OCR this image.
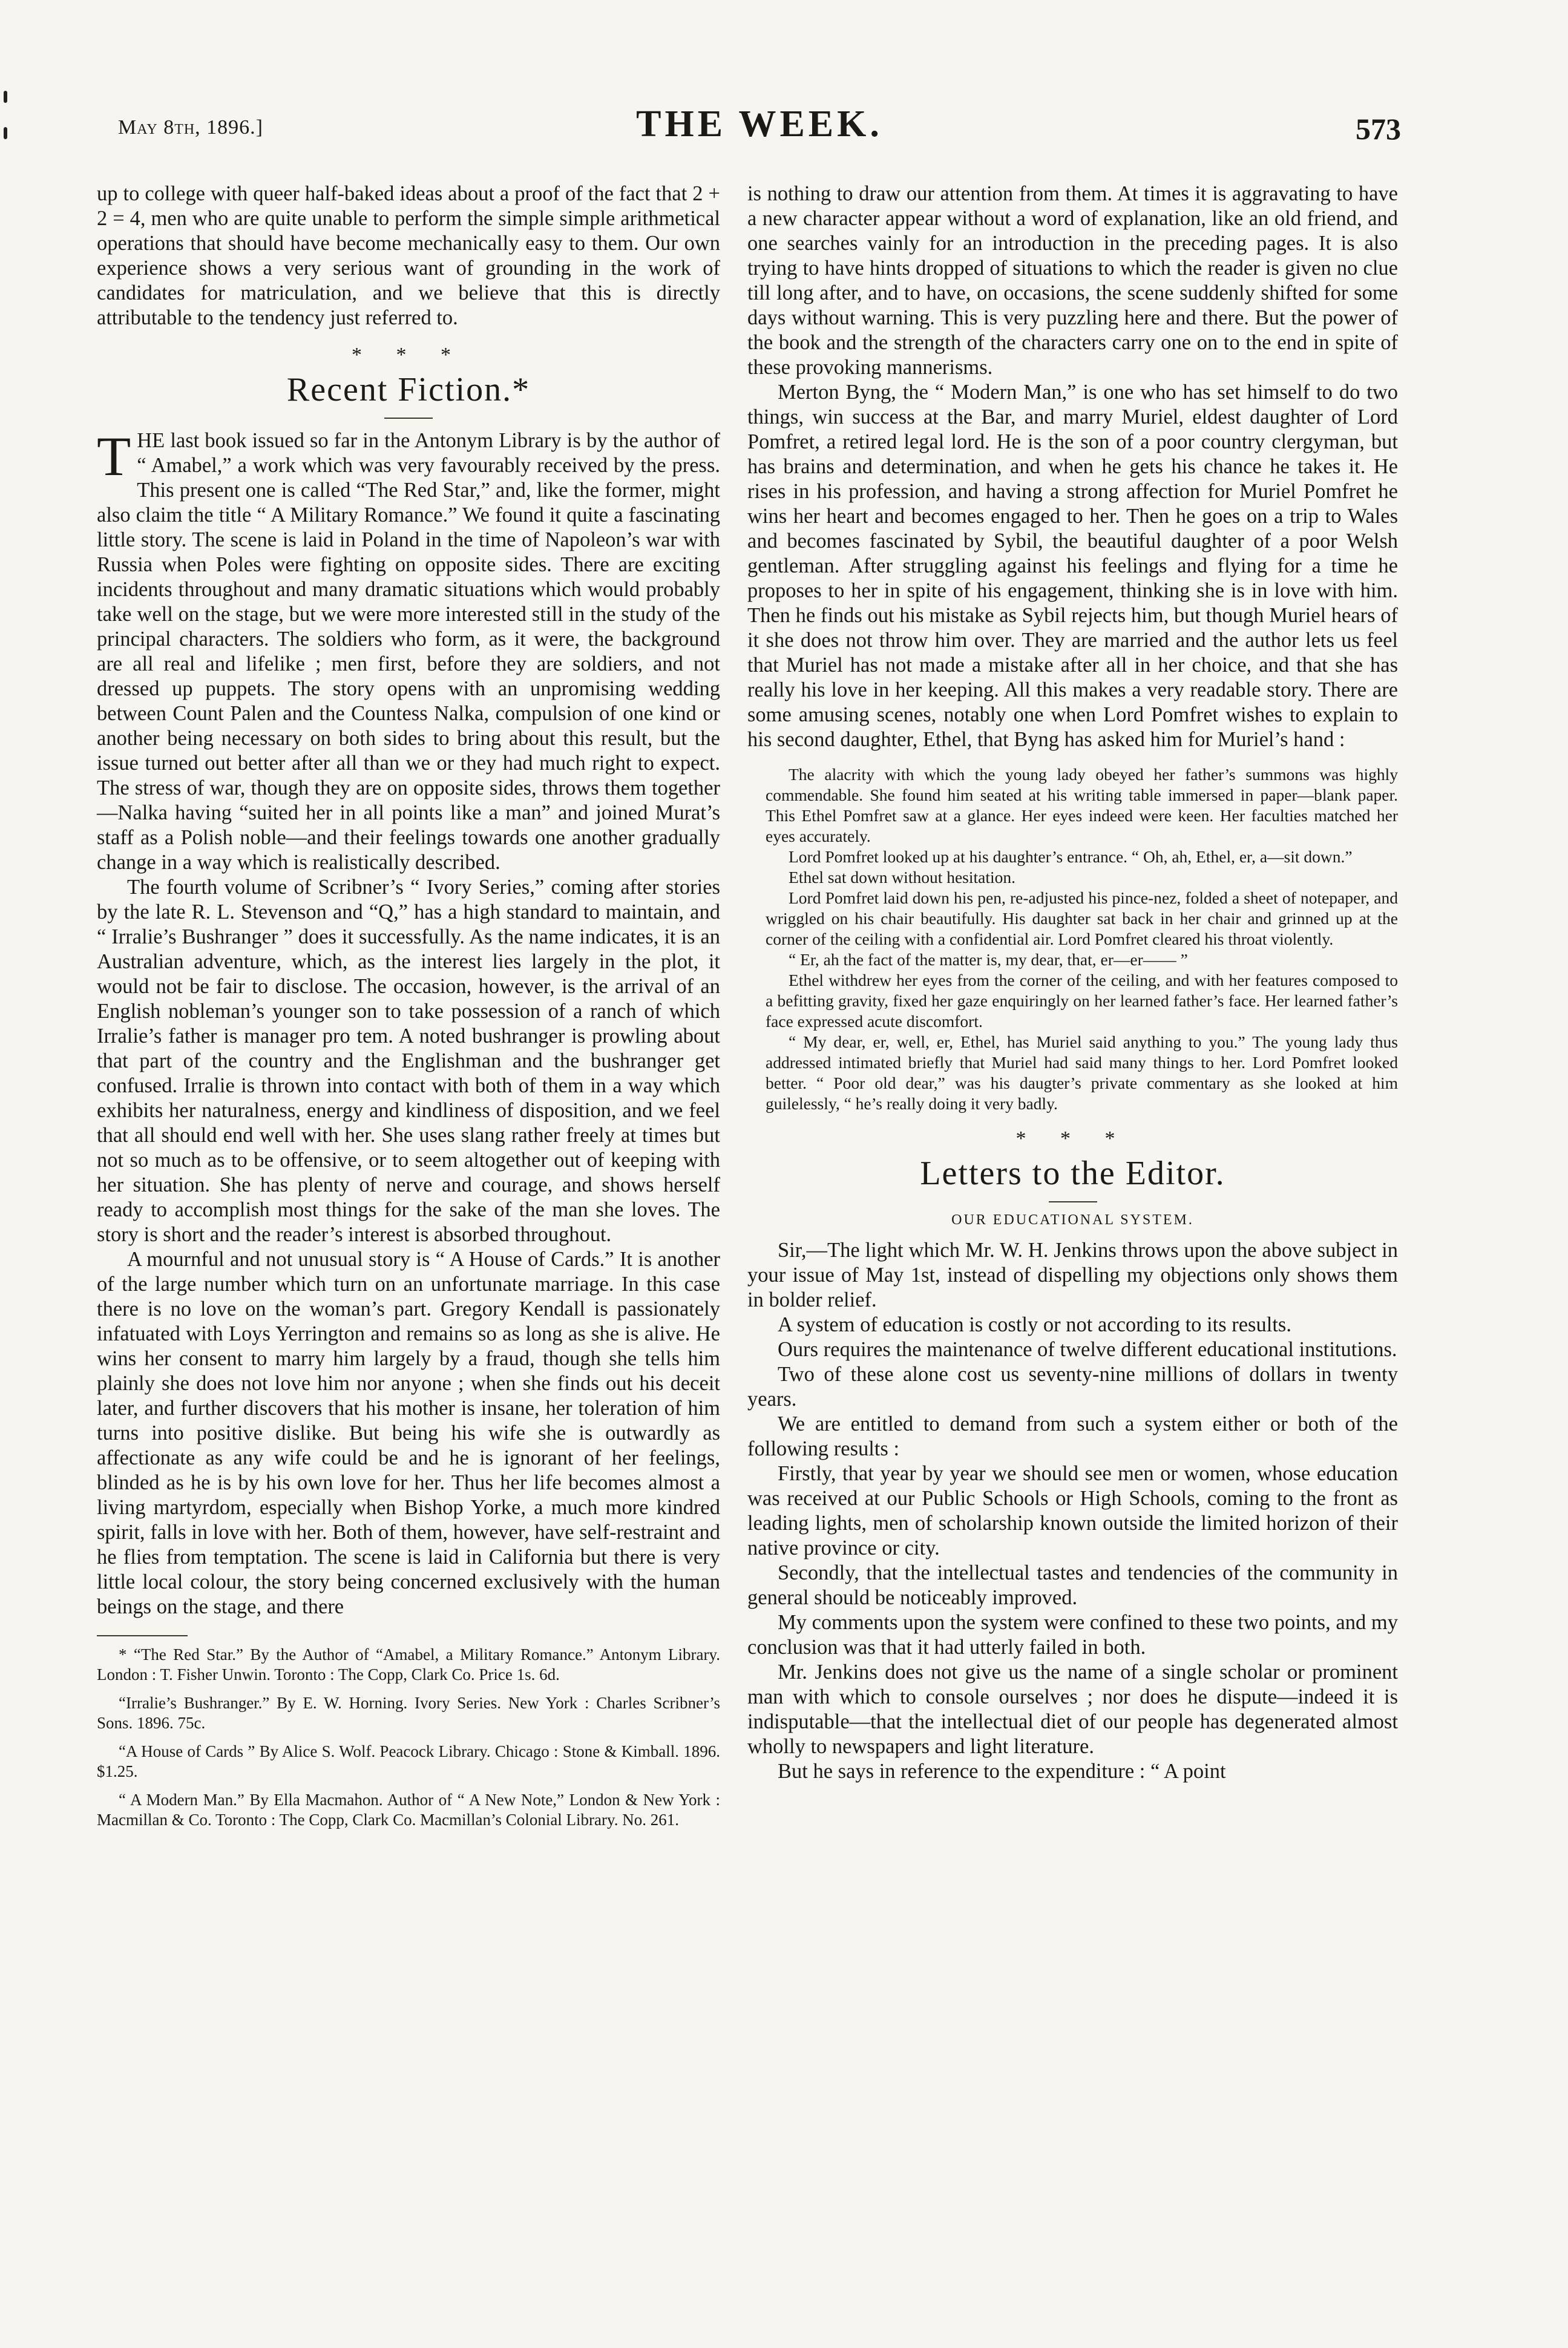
May 8th, 1896.]	THE WEEK.	573

up to college with queer half-baked ideas about a proof of the fact that 2 + 2 = 4, men who are quite unable to perform the simple simple arithmetical operations that should have become mechanically easy to them. Our own experience shows a very serious want of grounding in the work of candidates for matriculation, and we believe that this is directly attributable to the tendency just referred to.

* * *
Recent Fiction.*
T HE last book issued so far in the Antonym Library is by the author of “ Amabel,” a work which was very favourably received by the press. This present one is called “The Red Star,” and, like the former, might also claim the title “ A Military Romance.” We found it quite a fascinating little story. The scene is laid in Poland in the time of Napoleon’s war with Russia when Poles were fighting on opposite sides. There are exciting incidents throughout and many dramatic situations which would probably take well on the stage, but we were more interested still in the study of the principal characters. The soldiers who form, as it were, the background are all real and lifelike ; men first, before they are soldiers, and not dressed up puppets. The story opens with an unpromising wedding between Count Palen and the Countess Nalka, compulsion of one kind or another being necessary on both sides to bring about this result, but the issue turned out better after all than we or they had much right to expect. The stress of war, though they are on opposite sides, throws them together—Nalka having “suited her in all points like a man” and joined Murat’s staff as a Polish noble—and their feelings towards one another gradually change in a way which is realistically described.

The fourth volume of Scribner’s “ Ivory Series,” coming after stories by the late R. L. Stevenson and “Q,” has a high standard to maintain, and “ Irralie’s Bushranger ” does it successfully. As the name indicates, it is an Australian adventure, which, as the interest lies largely in the plot, it would not be fair to disclose. The occasion, however, is the arrival of an English nobleman’s younger son to take possession of a ranch of which Irralie’s father is manager pro tem. A noted bushranger is prowling about that part of the country and the Englishman and the bushranger get confused. Irralie is thrown into contact with both of them in a way which exhibits her naturalness, energy and kindliness of disposition, and we feel that all should end well with her. She uses slang rather freely at times but not so much as to be offensive, or to seem altogether out of keeping with her situation. She has plenty of nerve and courage, and shows herself ready to accomplish most things for the sake of the man she loves. The story is short and the reader’s interest is absorbed throughout.

A mournful and not unusual story is “ A House of Cards.” It is another of the large number which turn on an unfortunate marriage. In this case there is no love on the woman’s part. Gregory Kendall is passionately infatuated with Loys Yerrington and remains so as long as she is alive. He wins her consent to marry him largely by a fraud, though she tells him plainly she does not love him nor anyone ; when she finds out his deceit later, and further discovers that his mother is insane, her toleration of him turns into positive dislike. But being his wife she is outwardly as affectionate as any wife could be and he is ignorant of her feelings, blinded as he is by his own love for her. Thus her life becomes almost a living martyrdom, especially when Bishop Yorke, a much more kindred spirit, falls in love with her. Both of them, however, have self-restraint and he flies from temptation. The scene is laid in California but there is very little local colour, the story being concerned exclusively with the human beings on the stage, and there

* “The Red Star.” By the Author of “Amabel, a Military Romance.” Antonym Library. London : T. Fisher Unwin. Toronto : The Copp, Clark Co. Price 1s. 6d.

“Irralie’s Bushranger.” By E. W. Horning. Ivory Series. New York : Charles Scribner’s Sons. 1896. 75c.

“A House of Cards ” By Alice S. Wolf. Peacock Library. Chicago : Stone & Kimball. 1896. $1.25.

“ A Modern Man.” By Ella Macmahon. Author of “ A New Note,” London & New York : Macmillan & Co. Toronto : The Copp, Clark Co. Macmillan’s Colonial Library. No. 261.

is nothing to draw our attention from them. At times it is aggravating to have a new character appear without a word of explanation, like an old friend, and one searches vainly for an introduction in the preceding pages. It is also trying to have hints dropped of situations to which the reader is given no clue till long after, and to have, on occasions, the scene suddenly shifted for some days without warning. This is very puzzling here and there. But the power of the book and the strength of the characters carry one on to the end in spite of these provoking mannerisms.

Merton Byng, the “ Modern Man,” is one who has set himself to do two things, win success at the Bar, and marry Muriel, eldest daughter of Lord Pomfret, a retired legal lord. He is the son of a poor country clergyman, but has brains and determination, and when he gets his chance he takes it. He rises in his profession, and having a strong affection for Muriel Pomfret he wins her heart and becomes engaged to her. Then he goes on a trip to Wales and becomes fascinated by Sybil, the beautiful daughter of a poor Welsh gentleman. After struggling against his feelings and flying for a time he proposes to her in spite of his engagement, thinking she is in love with him. Then he finds out his mistake as Sybil rejects him, but though Muriel hears of it she does not throw him over. They are married and the author lets us feel that Muriel has not made a mistake after all in her choice, and that she has really his love in her keeping. All this makes a very readable story. There are some amusing scenes, notably one when Lord Pomfret wishes to explain to his second daughter, Ethel, that Byng has asked him for Muriel’s hand :

The alacrity with which the young lady obeyed her father’s summons was highly commendable. She found him seated at his writing table immersed in paper—blank paper. This Ethel Pomfret saw at a glance. Her eyes indeed were keen. Her faculties matched her eyes accurately.

Lord Pomfret looked up at his daughter’s entrance. “ Oh, ah, Ethel, er, a—sit down.”

Ethel sat down without hesitation.

Lord Pomfret laid down his pen, re-adjusted his pince-nez, folded a sheet of notepaper, and wriggled on his chair beautifully. His daughter sat back in her chair and grinned up at the corner of the ceiling with a confidential air. Lord Pomfret cleared his throat violently.

“ Er, ah the fact of the matter is, my dear, that, er—er—— ”

Ethel withdrew her eyes from the corner of the ceiling, and with her features composed to a befitting gravity, fixed her gaze enquiringly on her learned father’s face. Her learned father’s face expressed acute discomfort.

“ My dear, er, well, er, Ethel, has Muriel said anything to you.” The young lady thus addressed intimated briefly that Muriel had said many things to her. Lord Pomfret looked better. “ Poor old dear,” was his daugter’s private commentary as she looked at him guilelessly, “ he’s really doing it very badly.

* * *
Letters to the Editor.
OUR EDUCATIONAL SYSTEM.

Sir,—The light which Mr. W. H. Jenkins throws upon the above subject in your issue of May 1st, instead of dispelling my objections only shows them in bolder relief.

A system of education is costly or not according to its results.

Ours requires the maintenance of twelve different educational institutions.

Two of these alone cost us seventy-nine millions of dollars in twenty years.

We are entitled to demand from such a system either or both of the following results :

Firstly, that year by year we should see men or women, whose education was received at our Public Schools or High Schools, coming to the front as leading lights, men of scholarship known outside the limited horizon of their native province or city.

Secondly, that the intellectual tastes and tendencies of the community in general should be noticeably improved.

My comments upon the system were confined to these two points, and my conclusion was that it had utterly failed in both.

Mr. Jenkins does not give us the name of a single scholar or prominent man with which to console ourselves ; nor does he dispute—indeed it is indisputable—that the intellectual diet of our people has degenerated almost wholly to newspapers and light literature.

But he says in reference to the expenditure : “ A point
